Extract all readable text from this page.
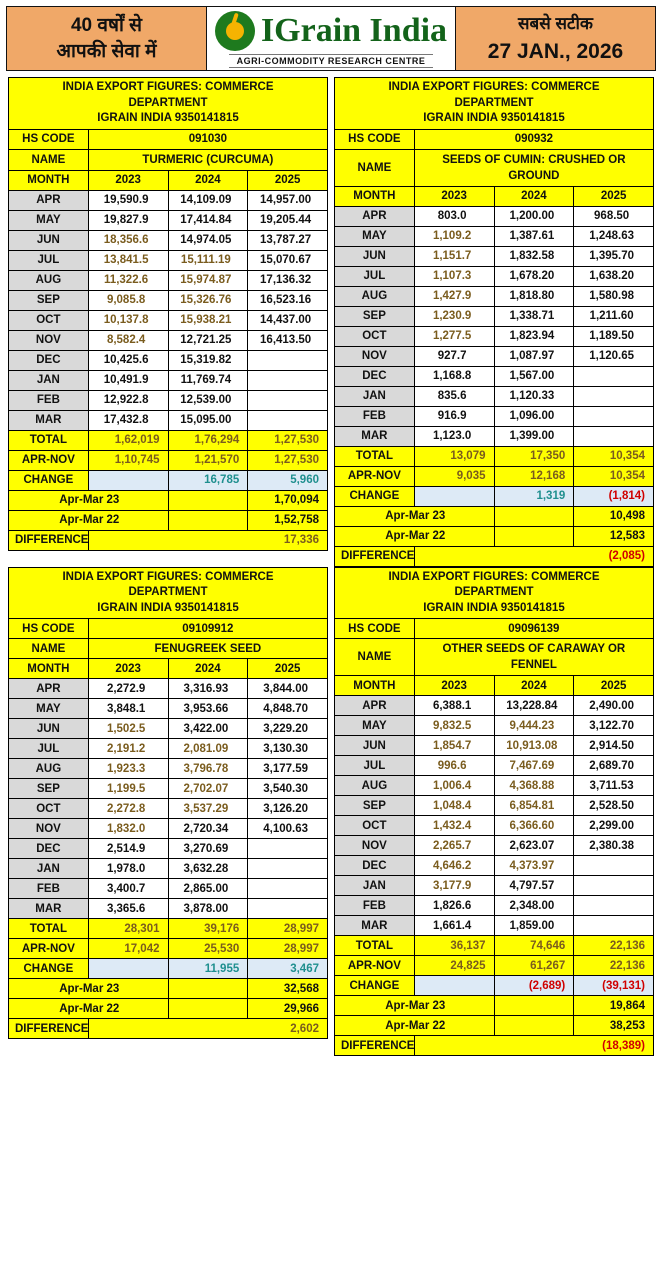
40 वर्षों से
आपकी सेवा में
IGrain India
AGRI-COMMODITY RESEARCH CENTRE
सबसे सटीक
27 JAN., 2026
INDIA EXPORT FIGURES: COMMERCE
DEPARTMENT
IGRAIN INDIA 9350141815			
HS CODE	091030		
NAME	TURMERIC (CURCUMA)		
MONTH	2023	2024	2025
APR	19,590.9	14,109.09	14,957.00
MAY	19,827.9	17,414.84	19,205.44
JUN	18,356.6	14,974.05	13,787.27
JUL	13,841.5	15,111.19	15,070.67
AUG	11,322.6	15,974.87	17,136.32
SEP	9,085.8	15,326.76	16,523.16
OCT	10,137.8	15,938.21	14,437.00
NOV	8,582.4	12,721.25	16,413.50
DEC	10,425.6	15,319.82	
JAN	10,491.9	11,769.74	
FEB	12,922.8	12,539.00	
MAR	17,432.8	15,095.00	
TOTAL	1,62,019	1,76,294	1,27,530
APR-NOV	1,10,745	1,21,570	1,27,530
CHANGE		16,785	5,960
Apr-Mar 23			1,70,094
Apr-Mar 22			1,52,758
DIFFERENCE	17,336		
INDIA EXPORT FIGURES: COMMERCE
DEPARTMENT
IGRAIN INDIA 9350141815			
HS CODE	090932		
NAME	SEEDS OF CUMIN: CRUSHED OR GROUND		
MONTH	2023	2024	2025
APR	803.0	1,200.00	968.50
MAY	1,109.2	1,387.61	1,248.63
JUN	1,151.7	1,832.58	1,395.70
JUL	1,107.3	1,678.20	1,638.20
AUG	1,427.9	1,818.80	1,580.98
SEP	1,230.9	1,338.71	1,211.60
OCT	1,277.5	1,823.94	1,189.50
NOV	927.7	1,087.97	1,120.65
DEC	1,168.8	1,567.00	
JAN	835.6	1,120.33	
FEB	916.9	1,096.00	
MAR	1,123.0	1,399.00	
TOTAL	13,079	17,350	10,354
APR-NOV	9,035	12,168	10,354
CHANGE		1,319	(1,814)
Apr-Mar 23			10,498
Apr-Mar 22			12,583
DIFFERENCE	(2,085)		
INDIA EXPORT FIGURES: COMMERCE
DEPARTMENT
IGRAIN INDIA 9350141815			
HS CODE	09109912		
NAME	FENUGREEK SEED		
MONTH	2023	2024	2025
APR	2,272.9	3,316.93	3,844.00
MAY	3,848.1	3,953.66	4,848.70
JUN	1,502.5	3,422.00	3,229.20
JUL	2,191.2	2,081.09	3,130.30
AUG	1,923.3	3,796.78	3,177.59
SEP	1,199.5	2,702.07	3,540.30
OCT	2,272.8	3,537.29	3,126.20
NOV	1,832.0	2,720.34	4,100.63
DEC	2,514.9	3,270.69	
JAN	1,978.0	3,632.28	
FEB	3,400.7	2,865.00	
MAR	3,365.6	3,878.00	
TOTAL	28,301	39,176	28,997
APR-NOV	17,042	25,530	28,997
CHANGE		11,955	3,467
Apr-Mar 23			32,568
Apr-Mar 22			29,966
DIFFERENCE	2,602		
INDIA EXPORT FIGURES: COMMERCE
DEPARTMENT
IGRAIN INDIA 9350141815			
HS CODE	09096139		
NAME	OTHER SEEDS OF CARAWAY OR FENNEL		
MONTH	2023	2024	2025
APR	6,388.1	13,228.84	2,490.00
MAY	9,832.5	9,444.23	3,122.70
JUN	1,854.7	10,913.08	2,914.50
JUL	996.6	7,467.69	2,689.70
AUG	1,006.4	4,368.88	3,711.53
SEP	1,048.4	6,854.81	2,528.50
OCT	1,432.4	6,366.60	2,299.00
NOV	2,265.7	2,623.07	2,380.38
DEC	4,646.2	4,373.97	
JAN	3,177.9	4,797.57	
FEB	1,826.6	2,348.00	
MAR	1,661.4	1,859.00	
TOTAL	36,137	74,646	22,136
APR-NOV	24,825	61,267	22,136
CHANGE		(2,689)	(39,131)
Apr-Mar 23			19,864
Apr-Mar 22			38,253
DIFFERENCE	(18,389)		
